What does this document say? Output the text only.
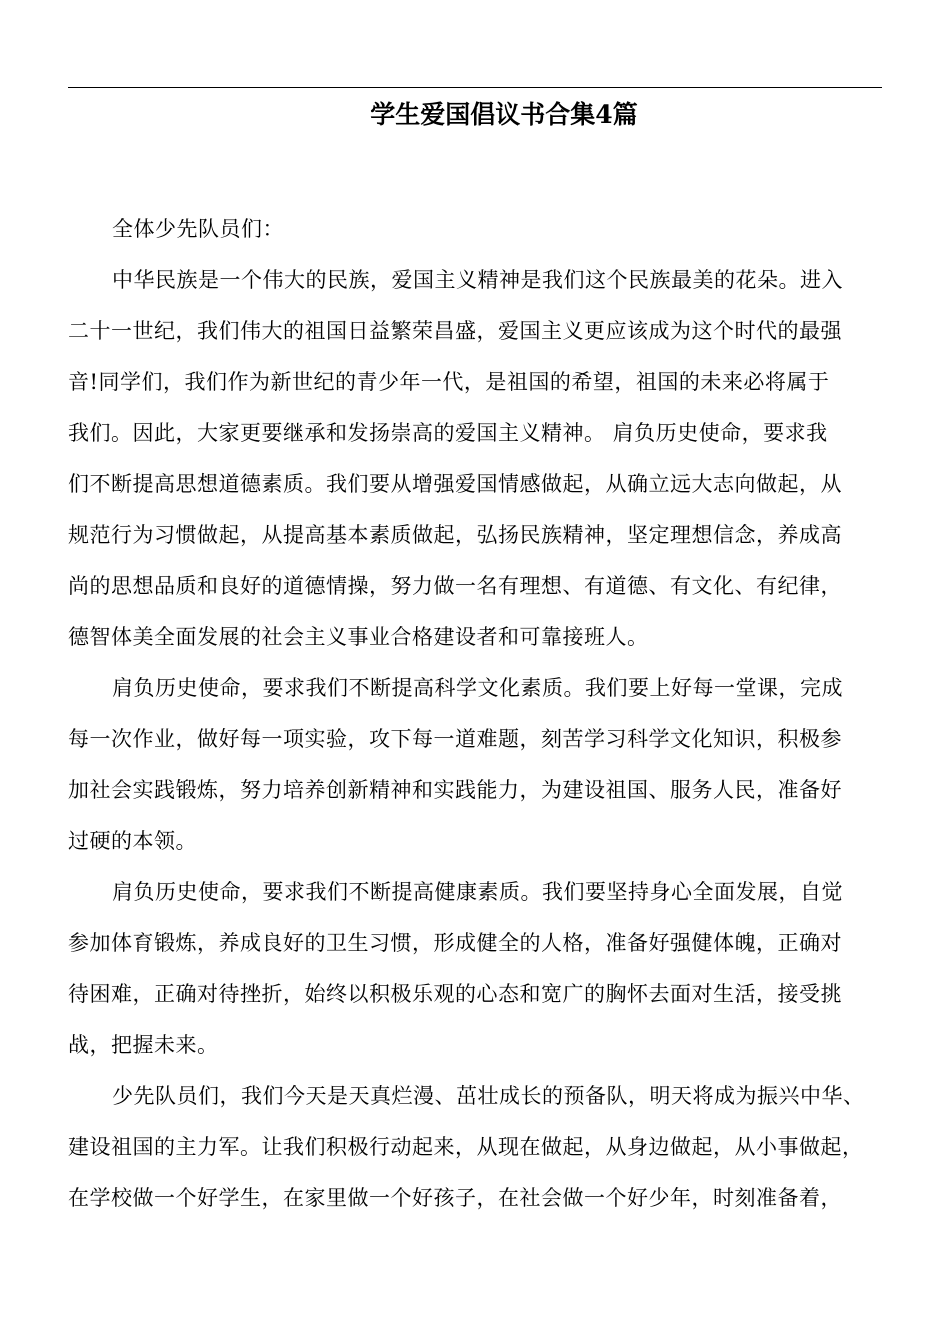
学生爱国倡议书合集4篇

全体少先队员们：

中华民族是一个伟大的民族，爱国主义精神是我们这个民族最美的花朵。进入
二十一世纪，我们伟大的祖国日益繁荣昌盛，爱国主义更应该成为这个时代的最强
音!同学们，我们作为新世纪的青少年一代，是祖国的希望，祖国的未来必将属于
我们。因此，大家更要继承和发扬崇高的爱国主义精神。 肩负历史使命，要求我
们不断提高思想道德素质。我们要从增强爱国情感做起，从确立远大志向做起，从
规范行为习惯做起，从提高基本素质做起，弘扬民族精神，坚定理想信念，养成高
尚的思想品质和良好的道德情操，努力做一名有理想、有道德、有文化、有纪律，
德智体美全面发展的社会主义事业合格建设者和可靠接班人。
肩负历史使命，要求我们不断提高科学文化素质。我们要上好每一堂课，完成
每一次作业，做好每一项实验，攻下每一道难题，刻苦学习科学文化知识，积极参
加社会实践锻炼，努力培养创新精神和实践能力，为建设祖国、服务人民，准备好
过硬的本领。
肩负历史使命，要求我们不断提高健康素质。我们要坚持身心全面发展，自觉
参加体育锻炼，养成良好的卫生习惯，形成健全的人格，准备好强健体魄，正确对
待困难，正确对待挫折，始终以积极乐观的心态和宽广的胸怀去面对生活，接受挑
战，把握未来。
少先队员们，我们今天是天真烂漫、茁壮成长的预备队，明天将成为振兴中华、
建设祖国的主力军。让我们积极行动起来，从现在做起，从身边做起，从小事做起，
在学校做一个好学生，在家里做一个好孩子，在社会做一个好少年，时刻准备着，
